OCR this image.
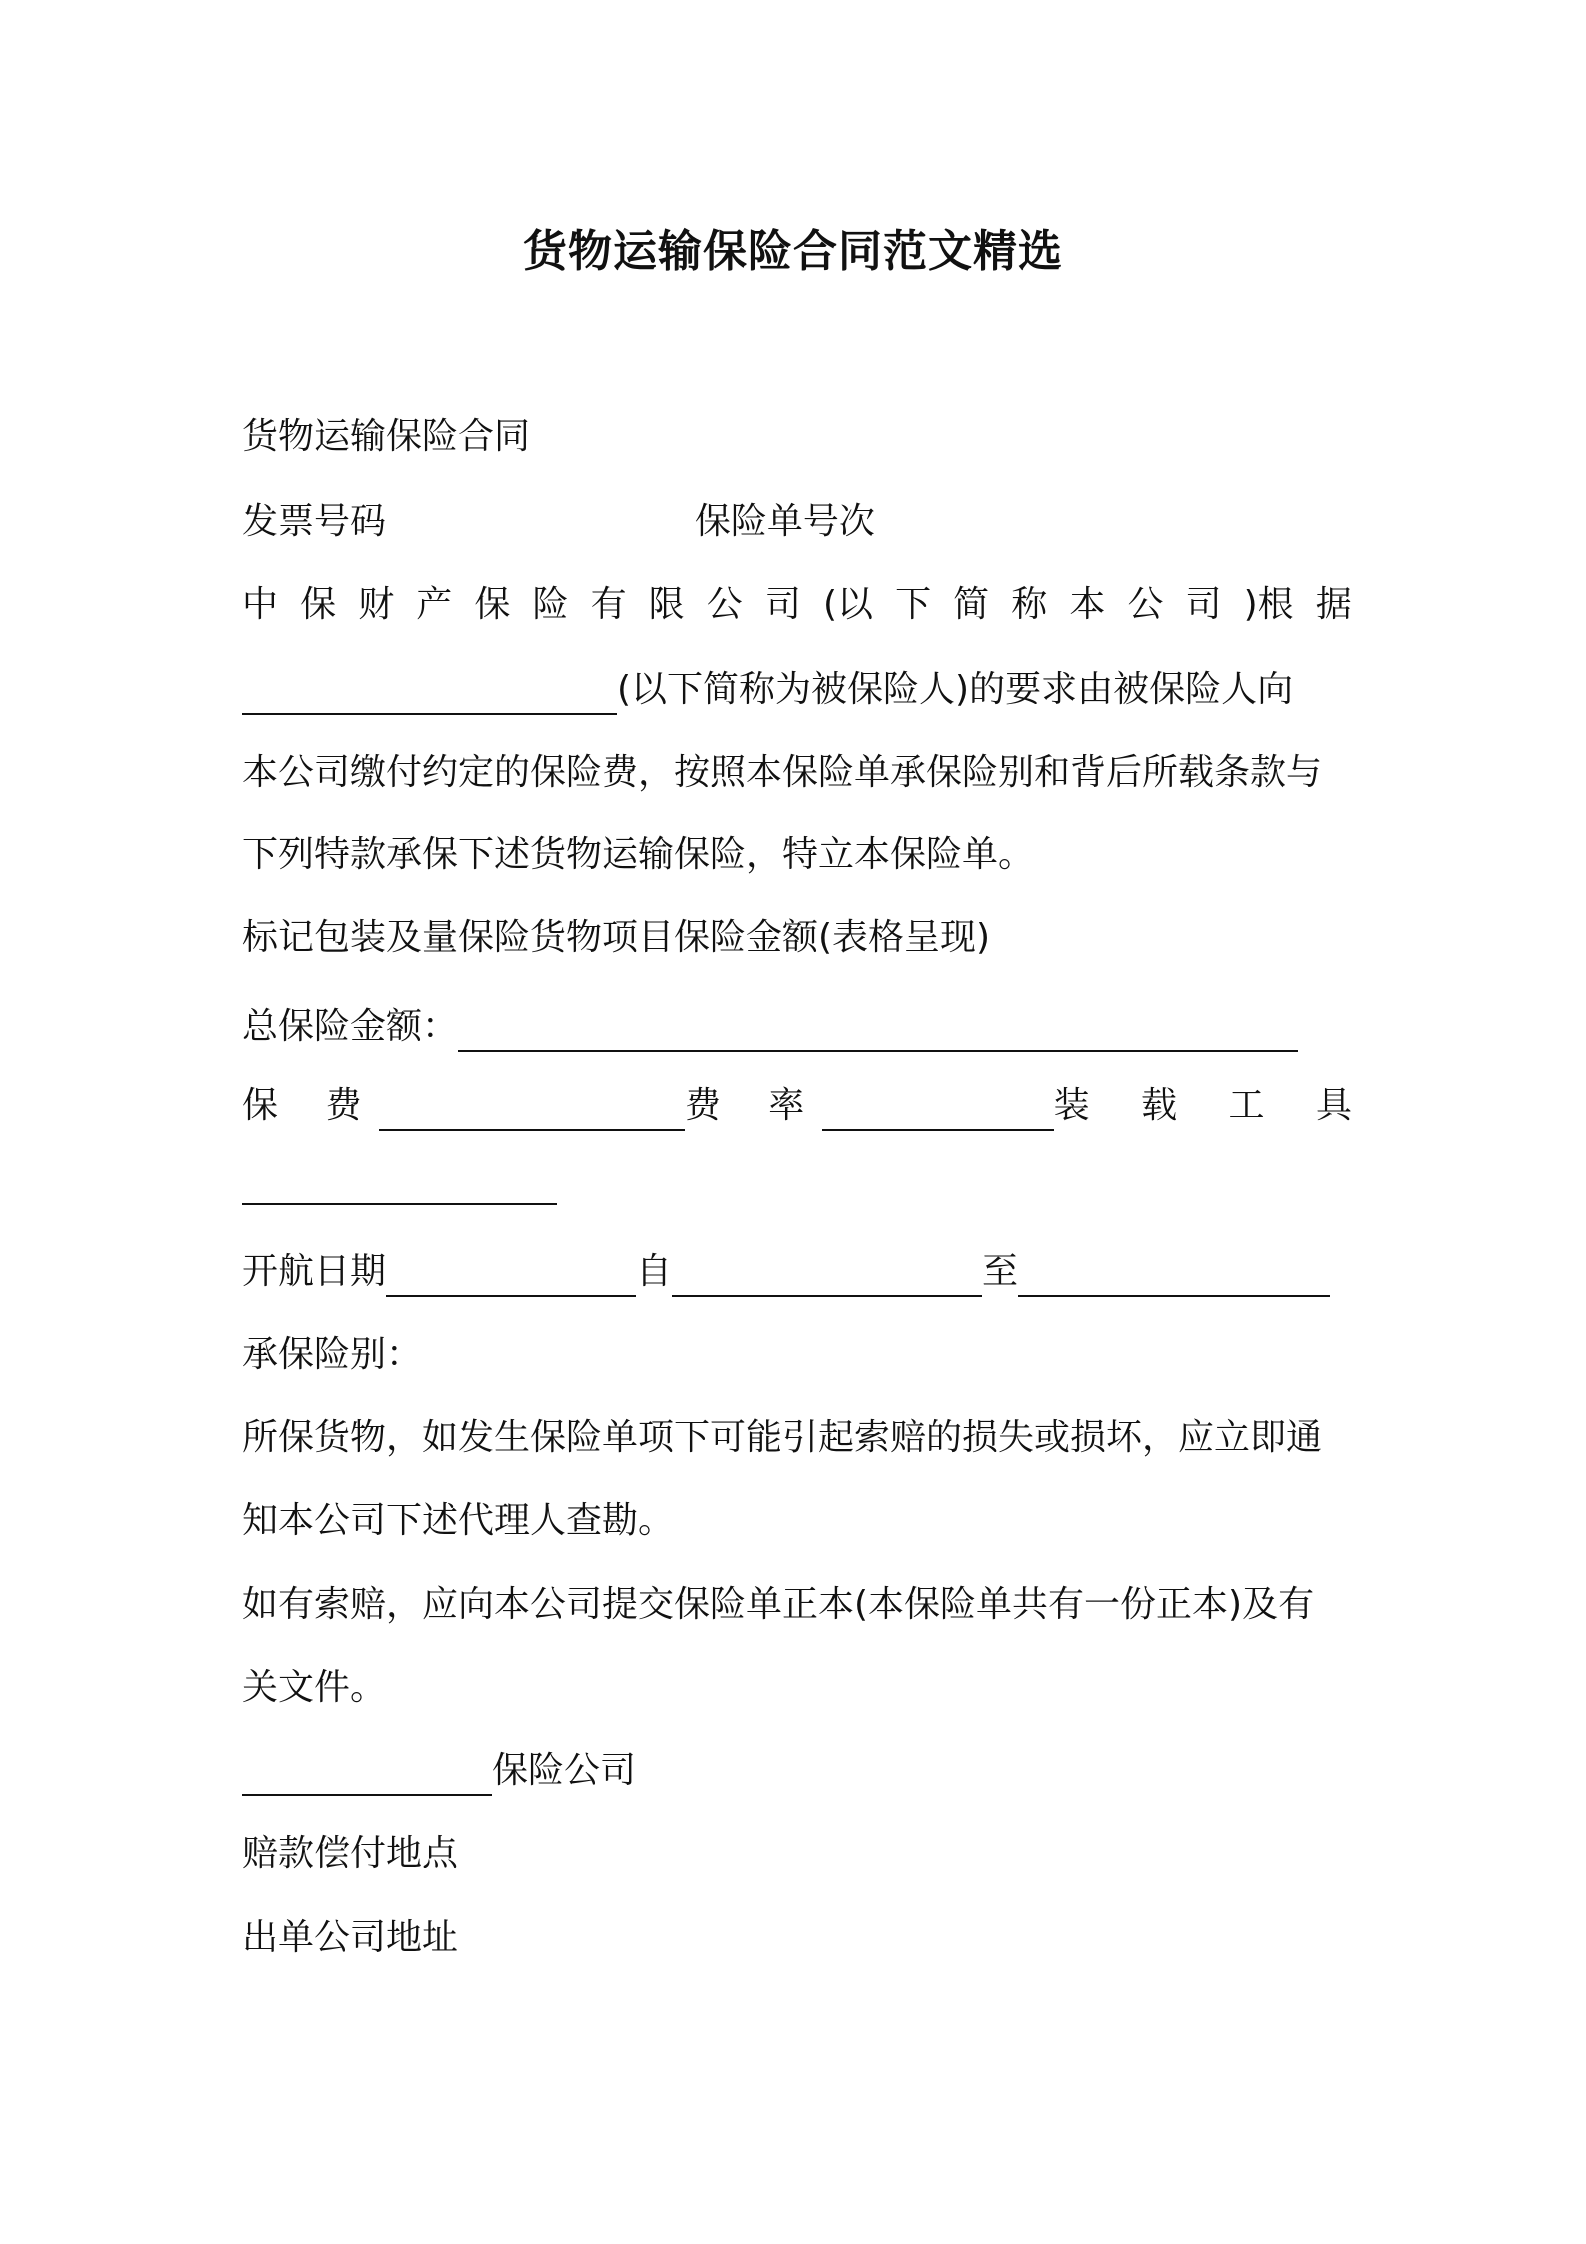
货物运输保险合同范文精选
货物运输保险合同
发票号码	保险单号次
中 保 财 产 保 险 有 限 公 司 (以 下 简 称 本 公 司 )根 据
(以下简称为被保险人)的要求由被保险人向
本公司缴付约定的保险费，按照本保险单承保险别和背后所载条款与
下列特款承保下述货物运输保险，特立本保险单。
标记包装及量保险货物项目保险金额(表格呈现)
总保险金额：
保 费	费 率	装 载 工 具
开航日期	自	至
承保险别：
所保货物，如发生保险单项下可能引起索赔的损失或损坏，应立即通
知本公司下述代理人查勘。
如有索赔，应向本公司提交保险单正本(本保险单共有一份正本)及有
关文件。
保险公司
赔款偿付地点
出单公司地址
